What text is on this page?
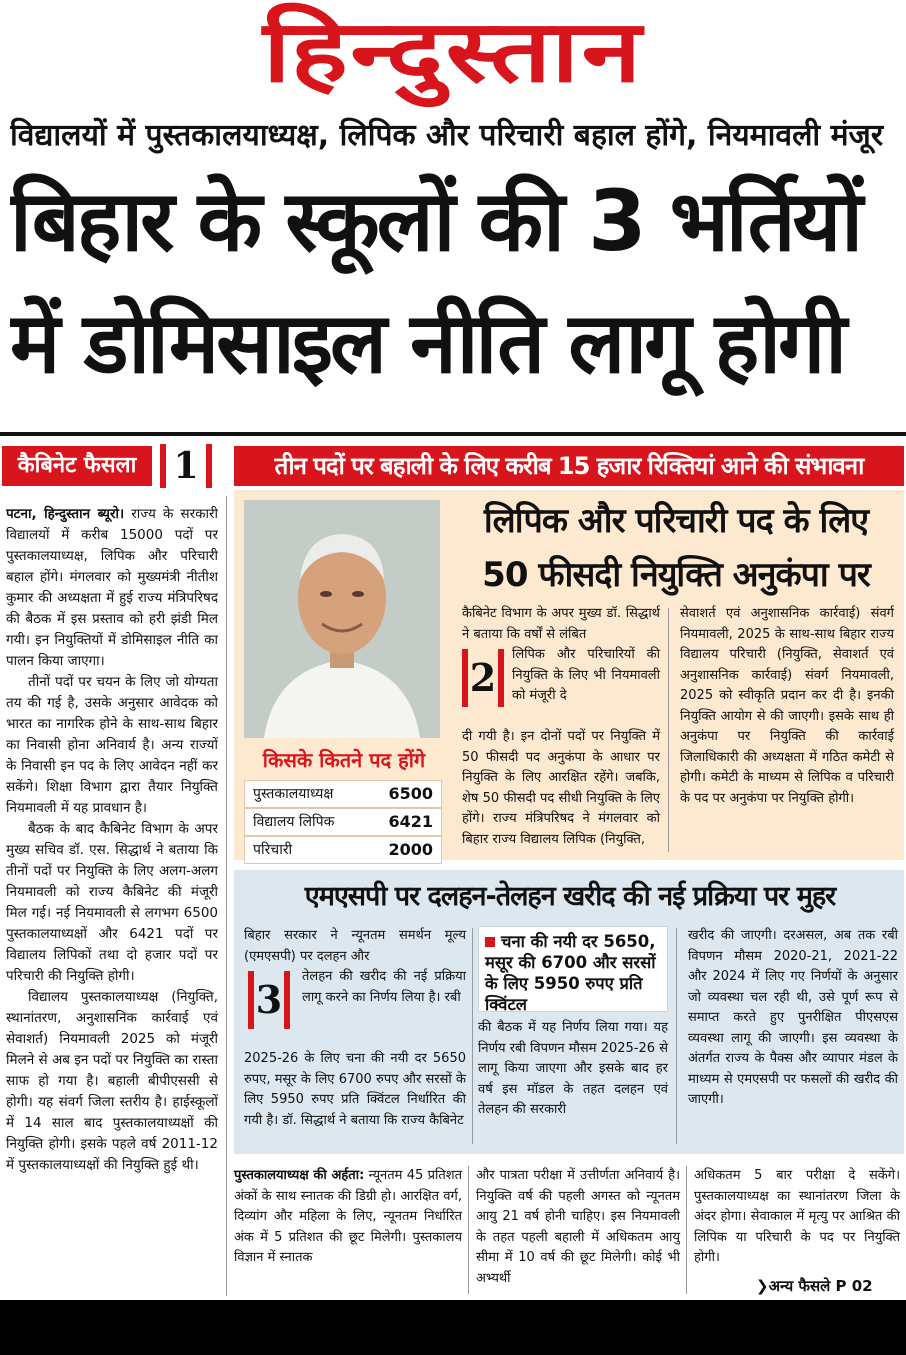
हिन्दुस्तान
विद्यालयों में पुस्तकालयाध्यक्ष, लिपिक और परिचारी बहाल होंगे, नियमावली मंजूर
बिहार के स्कूलों की 3 भर्तियों
में डोमिसाइल नीति लागू होगी
कैबिनेट फैसला	1	तीन पदों पर बहाली के लिए करीब 15 हजार रिक्तियां आने की संभावना

पटना, हिन्दुस्तान ब्यूरो। राज्य के सरकारी विद्यालयों में करीब 15000 पदों पर पुस्तकालयाध्यक्ष, लिपिक और परिचारी बहाल होंगे। मंगलवार को मुख्यमंत्री नीतीश कुमार की अध्यक्षता में हुई राज्य मंत्रिपरिषद की बैठक में इस प्रस्ताव को हरी झंडी मिल गयी। इन नियुक्तियों में डोमिसाइल नीति का पालन किया जाएगा।

तीनों पदों पर चयन के लिए जो योग्यता तय की गई है, उसके अनुसार आवेदक को भारत का नागरिक होने के साथ-साथ बिहार का निवासी होना अनिवार्य है। अन्य राज्यों के निवासी इन पद के लिए आवेदन नहीं कर सकेंगे। शिक्षा विभाग द्वारा तैयार नियुक्ति नियमावली में यह प्रावधान है।

बैठक के बाद कैबिनेट विभाग के अपर मुख्य सचिव डॉ. एस. सिद्धार्थ ने बताया कि तीनों पदों पर नियुक्ति के लिए अलग-अलग नियमावली को राज्य कैबिनेट की मंजूरी मिल गई। नई नियमावली से लगभग 6500 पुस्तकालयाध्यक्षों और 6421 पदों पर विद्यालय लिपिकों तथा दो हजार पदों पर परिचारी की नियुक्ति होगी।

विद्यालय पुस्तकालयाध्यक्ष (नियुक्ति, स्थानांतरण, अनुशासनिक कार्रवाई एवं सेवाशर्त) नियमावली 2025 को मंजूरी मिलने से अब इन पदों पर नियुक्ति का रास्ता साफ हो गया है। बहाली बीपीएससी से होगी। यह संवर्ग जिला स्तरीय है। हाईस्कूलों में 14 साल बाद पुस्तकालयाध्यक्षों की नियुक्ति होगी। इसके पहले वर्ष 2011-12 में पुस्तकालयाध्यक्षों की नियुक्ति हुई थी।

लिपिक और परिचारी पद के लिए
50 फीसदी नियुक्ति अनुकंपा पर
कैबिनेट विभाग के अपर मुख्य डॉ. सिद्धार्थ ने बताया कि वर्षों से लंबित
2
लिपिक और परिचारियों की नियुक्ति के लिए भी नियमावली को मंजूरी दे
दी गयी है। इन दोनों पदों पर नियुक्ति में 50 फीसदी पद अनुकंपा के आधार पर नियुक्ति के लिए आरक्षित रहेंगे। जबकि, शेष 50 फीसदी पद सीधी नियुक्ति के लिए होंगे। राज्य मंत्रिपरिषद ने मंगलवार को बिहार राज्य विद्यालय लिपिक (नियुक्ति,
सेवाशर्त एवं अनुशासनिक कार्रवाई) संवर्ग नियमावली, 2025 के साथ-साथ बिहार राज्य विद्यालय परिचारी (नियुक्ति, सेवाशर्त एवं अनुशासनिक कार्रवाई) संवर्ग नियमावली, 2025 को स्वीकृति प्रदान कर दी है। इनकी नियुक्ति आयोग से की जाएगी। इसके साथ ही अनुकंपा पर नियुक्ति की कार्रवाई जिलाधिकारी की अध्यक्षता में गठित कमेटी से होगी। कमेटी के माध्यम से लिपिक व परिचारी के पद पर अनुकंपा पर नियुक्ति होगी।
किसके कितने पद होंगे
पुस्तकालयाध्यक्ष	6500
विद्यालय लिपिक	6421
परिचारी	2000
एमएसपी पर दलहन-तेलहन खरीद की नई प्रक्रिया पर मुहर
बिहार सरकार ने न्यूनतम समर्थन मूल्य (एमएसपी) पर दलहन और
3
तेलहन की खरीद की नई प्रक्रिया लागू करने का निर्णय लिया है। रबी
2025-26 के लिए चना की नयी दर 5650 रुपए, मसूर के लिए 6700 रुपए और सरसों के लिए 5950 रुपए प्रति क्विंटल निर्धारित की गयी है। डॉ. सिद्धार्थ ने बताया कि राज्य कैबिनेट
चना की नयी दर 5650, मसूर की 6700 और सरसों के लिए 5950 रुपए प्रति क्विंटल
की बैठक में यह निर्णय लिया गया। यह निर्णय रबी विपणन मौसम 2025-26 से लागू किया जाएगा और इसके बाद हर वर्ष इस मॉडल के तहत दलहन एवं तेलहन की सरकारी
खरीद की जाएगी। दरअसल, अब तक रबी विपणन मौसम 2020-21, 2021-22 और 2024 में लिए गए निर्णयों के अनुसार जो व्यवस्था चल रही थी, उसे पूर्ण रूप से समाप्त करते हुए पुनरीक्षित पीएसएस व्यवस्था लागू की जाएगी। इस व्यवस्था के अंतर्गत राज्य के पैक्स और व्यापार मंडल के माध्यम से एमएसपी पर फसलों की खरीद की जाएगी।
पुस्तकालयाध्यक्ष की अर्हता: न्यूनतम 45 प्रतिशत अंकों के साथ स्नातक की डिग्री हो। आरक्षित वर्ग, दिव्यांग और महिला के लिए, न्यूनतम निर्धारित अंक में 5 प्रतिशत की छूट मिलेगी। पुस्तकालय विज्ञान में स्नातक
और पात्रता परीक्षा में उत्तीर्णता अनिवार्य है। नियुक्ति वर्ष की पहली अगस्त को न्यूनतम आयु 21 वर्ष होनी चाहिए। इस नियमावली के तहत पहली बहाली में अधिकतम आयु सीमा में 10 वर्ष की छूट मिलेगी। कोई भी अभ्यर्थी
अधिकतम 5 बार परीक्षा दे सकेंगे। पुस्तकालयाध्यक्ष का स्थानांतरण जिला के अंदर होगा। सेवाकाल में मृत्यु पर आश्रित की लिपिक या परिचारी के पद पर नियुक्ति होगी।
❯अन्य फैसले P 02
